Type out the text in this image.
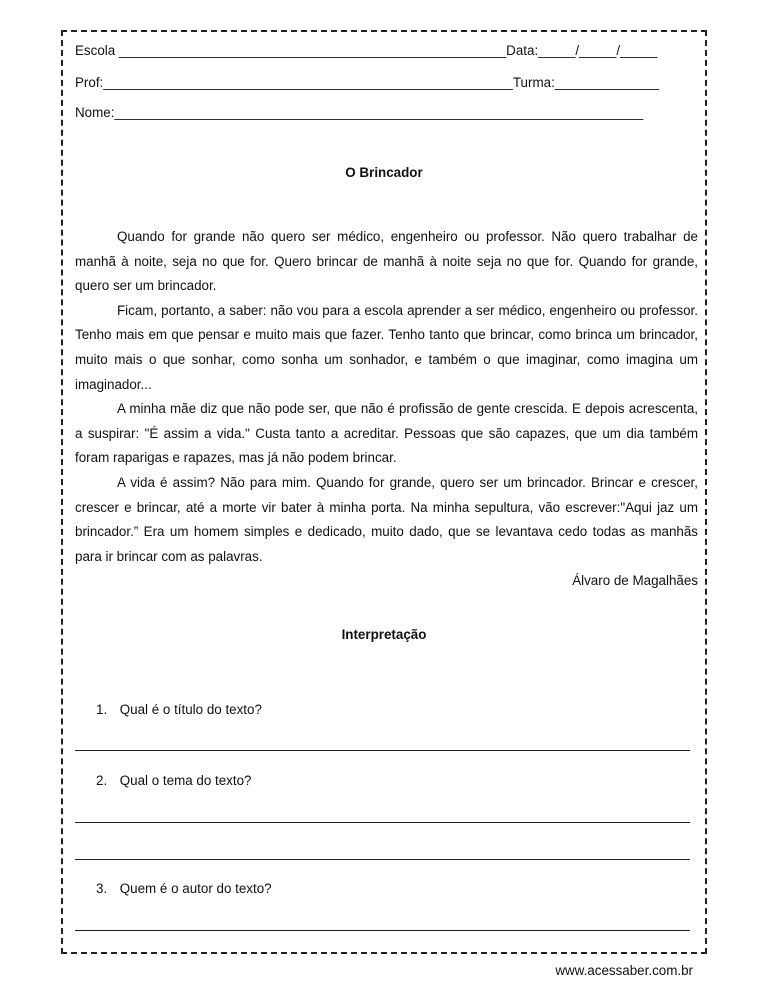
Escola ____________________________________________________Data:_____/_____/_____
Prof:_______________________________________________________Turma:______________
Nome:_______________________________________________________________________
O Brincador

Quando for grande não quero ser médico, engenheiro ou professor. Não quero trabalhar de manhã à noite, seja no que for. Quero brincar de manhã à noite seja no que for. Quando for grande, quero ser um brincador.

Ficam, portanto, a saber: não vou para a escola aprender a ser médico, engenheiro ou professor. Tenho mais em que pensar e muito mais que fazer. Tenho tanto que brincar, como brinca um brincador, muito mais o que sonhar, como sonha um sonhador, e também o que imaginar, como imagina um imaginador...

A minha mãe diz que não pode ser, que não é profissão de gente crescida. E depois acrescenta, a suspirar: "É assim a vida." Custa tanto a acreditar. Pessoas que são capazes, que um dia também foram raparigas e rapazes, mas já não podem brincar.

A vida é assim? Não para mim. Quando for grande, quero ser um brincador. Brincar e crescer, crescer e brincar, até a morte vir bater à minha porta. Na minha sepultura, vão escrever:"Aqui jaz um brincador.” Era um homem simples e dedicado, muito dado, que se levantava cedo todas as manhãs para ir brincar com as palavras.

Álvaro de Magalhães

Interpretação
1. Qual é o título do texto?
2. Qual o tema do texto?
3. Quem é o autor do texto?
www.acessaber.com.br
